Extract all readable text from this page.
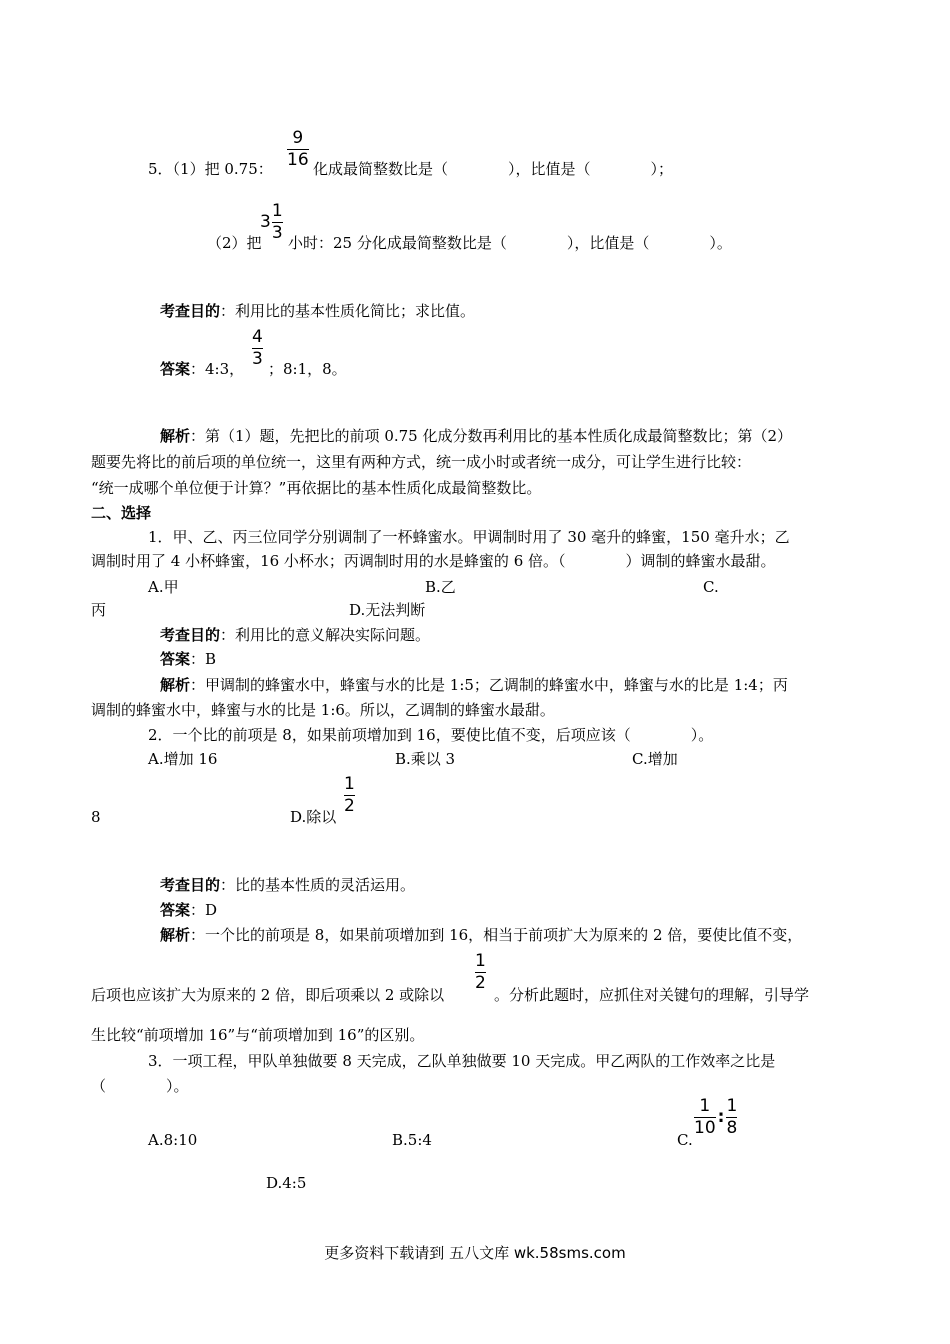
5．（1）把 0.75：
9
16 化成最简整数比是（　　　　），比值是（　　　　）；
（2）把
$3 \frac{1}{3}$
小时：25 分化成最简整数比是（　　　　），比值是（　　　　）。
考查目的：利用比的基本性质化简比；求比值。
答案：4:3，
4
3 ；8:1，8。
解析：第（1）题，先把比的前项 0.75 化成分数再利用比的基本性质化成最简整数比；第（2）
题要先将比的前后项的单位统一，这里有两种方式，统一成小时或者统一成分，可让学生进行比较：
“统一成哪个单位便于计算？”再依据比的基本性质化成最简整数比。
二、选择
1．甲、乙、丙三位同学分别调制了一杯蜂蜜水。甲调制时用了 30 毫升的蜂蜜，150 毫升水；乙
调制时用了 4 小杯蜂蜜，16 小杯水；丙调制时用的水是蜂蜜的 6 倍。（　　　　）调制的蜂蜜水最甜。
A.甲	B.乙	C.
丙	D.无法判断
考查目的：利用比的意义解决实际问题。
答案：B
解析：甲调制的蜂蜜水中，蜂蜜与水的比是 1:5；乙调制的蜂蜜水中，蜂蜜与水的比是 1:4；丙
调制的蜂蜜水中，蜂蜜与水的比是 1:6。所以，乙调制的蜂蜜水最甜。
2．一个比的前项是 8，如果前项增加到 16，要使比值不变，后项应该（　　　　）。
A.增加 16	B.乘以 3	C.增加
8	D.除以
1
2
考查目的：比的基本性质的灵活运用。
答案：D
解析：一个比的前项是 8，如果前项增加到 16，相当于前项扩大为原来的 2 倍，要使比值不变，
后项也应该扩大为原来的 2 倍，即后项乘以 2 或除以
1
2
。分析此题时，应抓住对关键句的理解，引导学
生比较“前项增加 16”与“前项增加到 16”的区别。
3．一项工程，甲队单独做要 8 天完成，乙队单独做要 10 天完成。甲乙两队的工作效率之比是
（　　　　）。
A.8:10	B.5:4	C.
$\frac{1}{10}$ : $\frac{1}{8}$
D.4:5
更多资料下载请到 五八文库 wk.58sms.com
